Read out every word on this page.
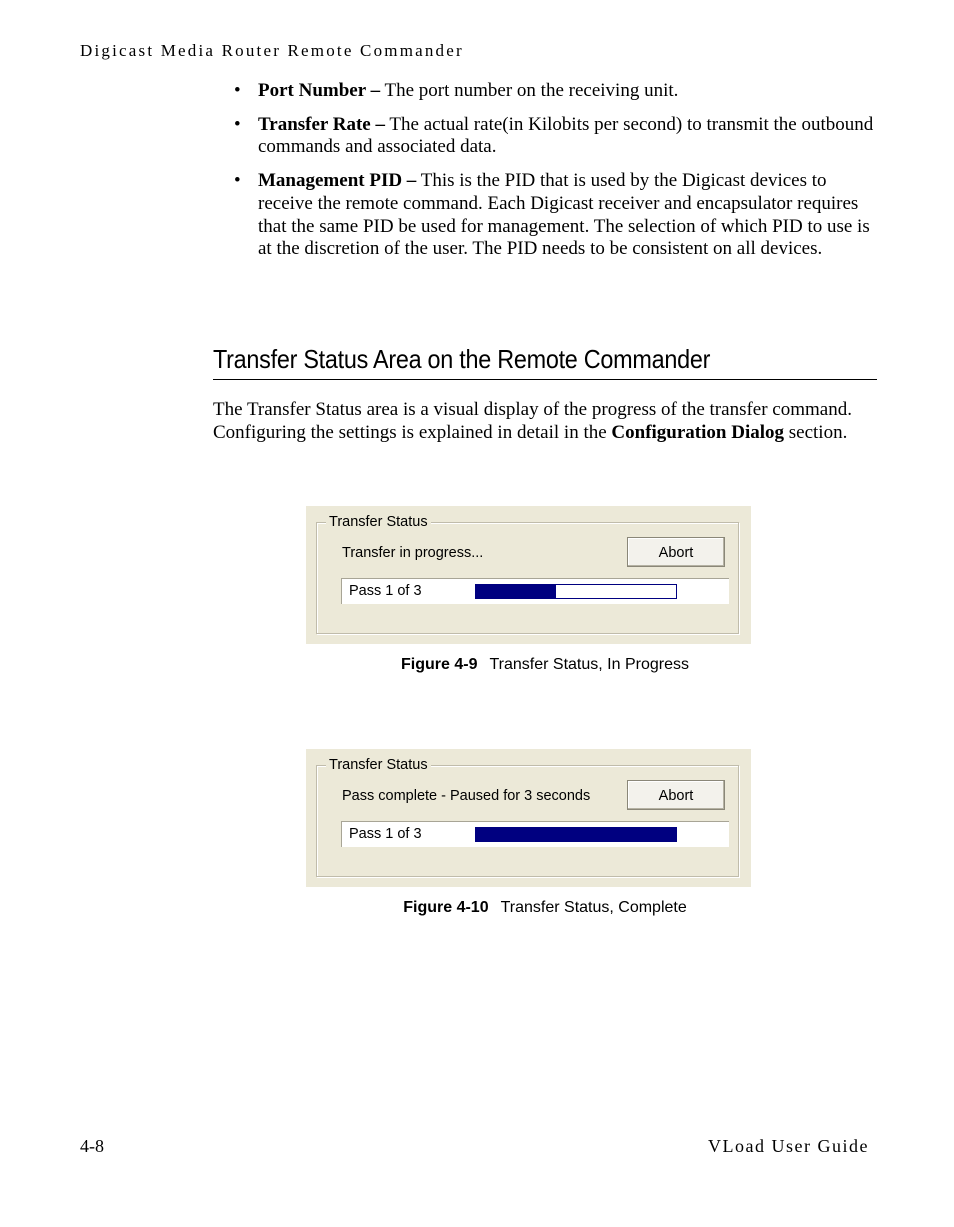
Digicast Media Router Remote Commander
• Port Number – The port number on the receiving unit.
• Transfer Rate – The actual rate(in Kilobits per second) to transmit the outbound commands and associated data.
• Management PID – This is the PID that is used by the Digicast devices to receive the remote command. Each Digicast receiver and encapsulator requires that the same PID be used for management. The selection of which PID to use is at the discretion of the user. The PID needs to be consistent on all devices.
Transfer Status Area on the Remote Commander

The Transfer Status area is a visual display of the progress of the transfer command. Configuring the settings is explained in detail in the Configuration Dialog section.

Transfer Status
Transfer in progress...	Abort
Pass 1 of 3
Figure 4-9 Transfer Status, In Progress
Transfer Status
Pass complete - Paused for 3 seconds	Abort
Pass 1 of 3
Figure 4-10 Transfer Status, Complete
4-8	VLoad User Guide
